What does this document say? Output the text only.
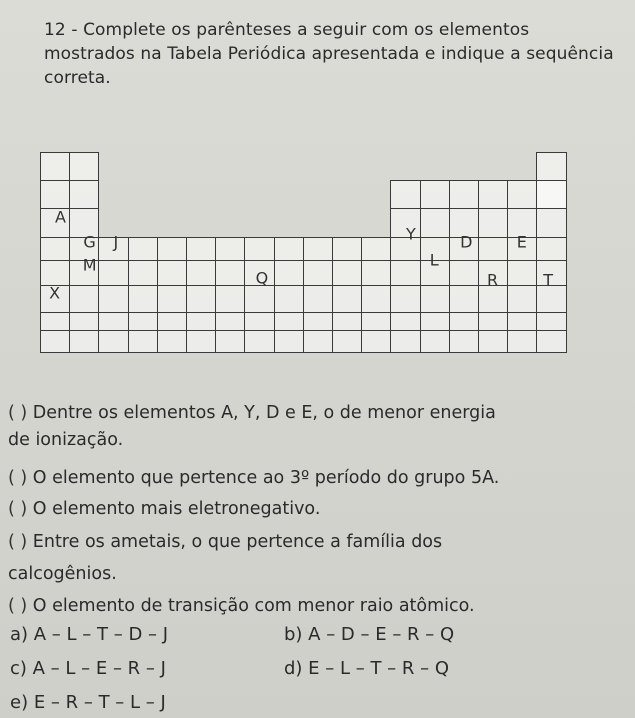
12 - Complete os parênteses a seguir com os elementos mostrados na Tabela Periódica apresentada e indique a sequência correta.
A
G J
M
X
Q
Y	D	E
L
R	T
( ) Dentre os elementos A, Y, D e E, o de menor energia
de ionização.
( ) O elemento que pertence ao 3º período do grupo 5A.
( ) O elemento mais eletronegativo.
( ) Entre os ametais, o que pertence a família dos
calcogênios.
( ) O elemento de transição com menor raio atômico.
a) A – L – T – D – J	b) A – D – E – R – Q
c) A – L – E – R – J	d) E – L – T – R – Q
e) E – R – T – L – J
